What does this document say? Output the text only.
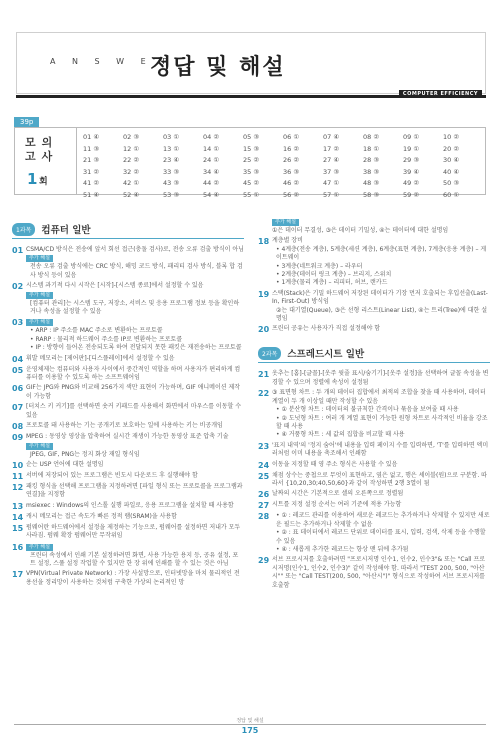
A N S W E R
정답 및 해설
COMPUTER EFFICIENCY
39p
모의고사
1 회
01 ④	02 ③	03 ①	04 ②	05 ③	06 ①	07 ④	08 ②	09 ①	10 ②
11 ③	12 ①	13 ①	14 ①	15 ③	16 ②	17 ②	18 ①	19 ①	20 ②
21 ③	22 ②	23 ④	24 ①	25 ②	26 ②	27 ④	28 ③	29 ③	30 ④
31 ②	32 ②	33 ③	34 ④	35 ③	36 ③	37 ③	38 ③	39 ④	40 ④
41 ②	42 ①	43 ③	44 ②	45 ②	46 ②	47 ①	48 ③	49 ②	50 ③
51 ④	52 ④	53 ③	54 ④	55 ①	56 ②	57 ①	58 ③	59 ②	60 ①
1과목	컴퓨터 일반
01 CSMA/CD 방식은 전송에 앞서 회선 접근(충돌 검사)로, 전송 오류 검출 방식이 아님
추가 해설
전송 오류 검출 방식에는 CRC 방식, 해밍 코드 방식, 패리티 검사 방식, 블록 합 검사 방식 등이 있음
02 시스템 과기적 다시 시작은 [시작]-[시스템 종료]에서 설정할 수 있음
추가 해설
[컴퓨터 관리]는 시스템 도구, 저장소, 서비스 및 응용 프로그램 정보 등을 확인하거나 속성을 설정할 수 있음
03	추가 해설
• ARP : IP 주소를 MAC 주소로 변환하는 프로토콜
• RARP : 물리적 하드웨어 주소를 IP로 변환하는 프로토콜
• IP : 방향이 들어온 전송되도록 하여 전달되지 못한 패킷은 재전송하는 프로토콜
04 휘발 메모리는 [제어판]-[디스플레이]에서 설정할 수 있음
05 운영체제는 컴퓨터와 사용자 사이에서 중간적인 역할을 하며 사용자가 편리하게 컴퓨터를 이용할 수 있도록 하는 소프트웨어임
06 GIF는 JPG와 PNG와 비교해 256가지 색만 표현이 가능하며, GIF 애니메이션 제작이 가능함
07 [터치스 키 커기]를 선택하면 숏커 키패드를 사용해서 화면에서 마우스를 이동할 수 있음
08 프로토콜 돼 사용하는 기는 공개키로 보호하는 일에 사용하는 키는 비공개임
09 MPEG : 동영상 영상을 압축하여 실시간 재생이 가능한 동영상 표준 압축 기술
추가 해설
JPEG, GIF, PNG는 정지 화상 재일 형식임
10 순는 USP 언어에 대한 설명임
11 서버에 저장되어 있는 프로그램은 빈도시 다운로드 후 실행해야 함
12 패킹 형식을 선택해 프로그램을 지정하려면 [파일 형식 또는 프로토콜을 프로그램과 연결]을 지정함
13 msiexec : Windows의 인스톨 실행 파일로, 응용 프로그램을 설치할 때 사용함
14 캐시 메모리는 접근 속도가 빠른 정적 램(SRAM)을 사용함
15 펌웨어란 하드웨어에서 설정을 제정하는 기능으로, 펌웨어를 설정하면 저내가 모두 사라짐. 펌웨 확장 펌웨어만 무작위임
16	추가 해설
프린터 속성에서 인쇄 기본 설정하려면 화면, 사용 가능한 용지 등, 공유 설정, 포트 설정, 스풀 설정 작업할 수 있지만 한 장 위에 인쇄를 할 수 있는 것은 아님
17 VPN(Virtual Private Network) : 가장 사설망으로, 인터넷망을 마치 물리적인 전용선을 정리망이 사용하는 것처럼 구축한 가상의 논리적인 망
추가 해설
①은 데이터 무결성, ③은 데이터 기밀성, ④는 데이터에 대한 설명임
18 계층별 장비
• 4계층(전송 계층), 5계층(세션 계층), 6계층(표현 계층), 7계층(응용 계층) – 게이트웨이
• 3계층(네트워크 계층) – 라우터
• 2계층(데이터 링크 계층) – 브리지, 스위치
• 1계층(물리 계층) – 리피터, 허브, 랜카드
19 스택(Stack)은 기밀 하드웨어 저장된 데이터가 기장 먼저 호출되는 후입선출(Last-In, First-Out) 방식임
②는 대기열(Queue), ③은 선형 리스트(Linear List), ④는 트리(Tree)에 대한 설명임
20 프린터 공유는 사용자가 직접 설정해야 함
2과목	스프레드시트 일반
21 옷추는 [홈]-[글꼴]-[옷주 윗줄 표시/숨기기]-[옷주 설정]을 선택하여 글꼴 속성을 변경할 수 있으며 정렬에 속성이 설정됨
22 ③ 표면형 차트 : 두 개의 데이터 집합에서 최적의 조합을 찾을 때 사용하며, 데이터 계열이 두 개 이상일 때만 작성할 수 있음
• ① 분산형 차트 : 데이터의 불규칙한 간격이나 묶음을 보여줄 때 사용
• ② 도넛형 차트 : 여러 개 계열 표현이 가능한 원형 차트로 사각적인 비율을 강조할 때 사용
• ④ 거품형 차트 : 세 값의 집합을 비교할 때 사용
23 '표지 내역'의 '정지 숨어'에 내용을 입력 페이지 수를 입력하면, 'T'를 입력하면 엑미러처럼 이미 내용을 축조해서 인쇄함
24 이동을 지정할 때 영 주소 형식은 사용할 수 있음
25 채점 상수는 중첩으로 무엇이 표현하고, 옆은 없고, 행은 셰이블(원)으로 구분함. 따라서 {10,20,30;40,50,60}과 같이 작성하면 2행 3열이 됨
26 날짜의 시간은 기본적으로 셀의 오른쪽으로 정렬됨
27 시트를 지정 설정 순서는 여러 기준에 적용 가능함
28	• ① : 레코드 관리를 이용하여 새로운 레코드는 추가하거나 삭제할 수 있지만 새로운 필드는 추가하거나 삭제할 수 없음
• ② : 표 데이터에서 레코드 단위로 데이터를 표시, 입력, 검색, 삭제 등을 수행할 수 있음
• ④ : 새롭게 추가한 레코드는 항상 맨 뒤에 추가됨
29 서브 프로시저를 호출하려면 "프로시저명 인수1, 인수2, 인수3"& 또는 "Call 프로시저명(인수1, 인수2, 인수3)" 같이 작성해야 함. 따라서 "TEST 200, 500, "아산시"" 또는 "Call TEST(200, 500, "아산시")" 형식으로 작성하여 서브 프로시저를 호출함
정답 및 해설
175
